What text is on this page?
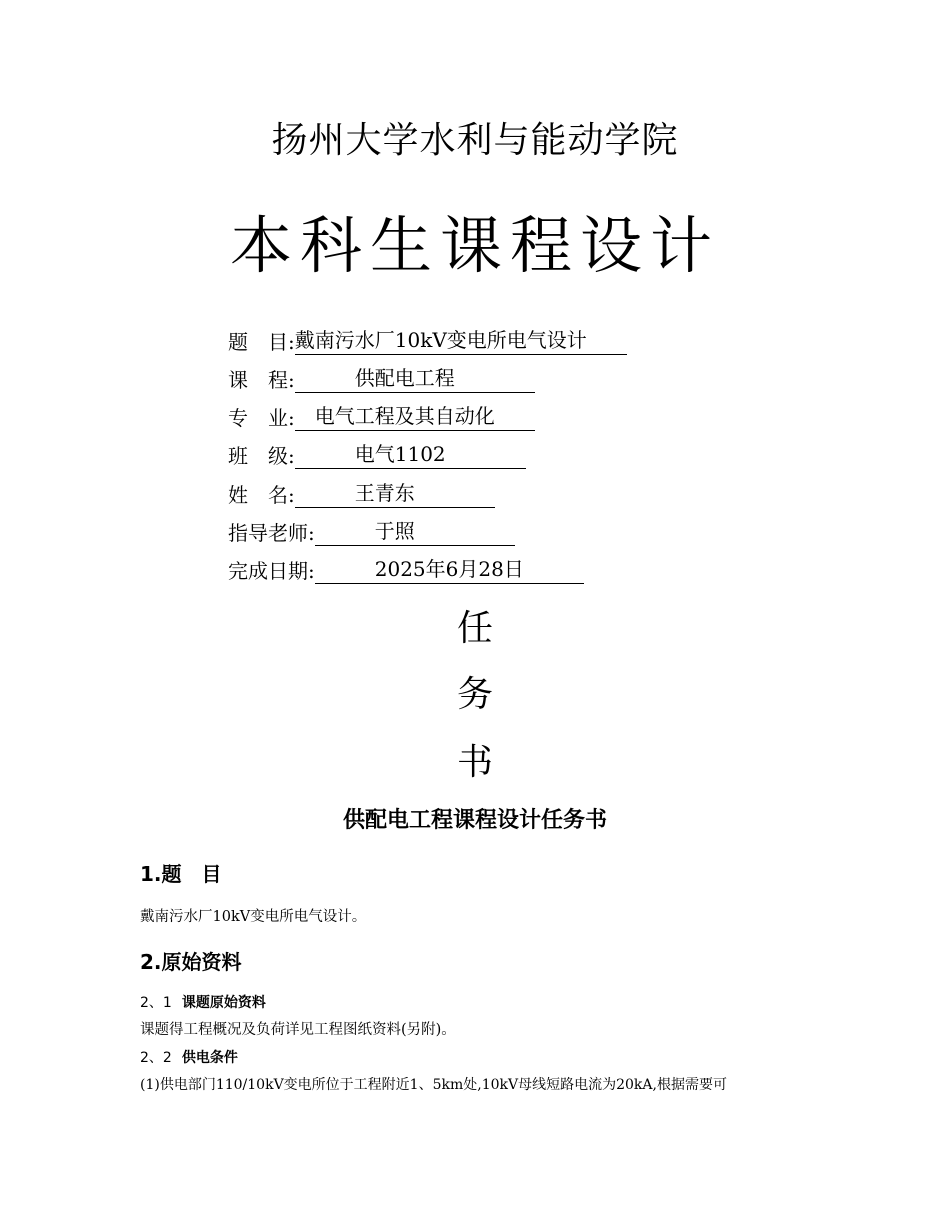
扬州大学水利与能动学院
本科生课程设计
题　目:戴南污水厂10kV变电所电气设计　　
课　程:　　　供配电工程　　　　
专　业:　电气工程及其自动化　　
班　级:　　　电气1102　　　　
姓　名:　　　王青东　　　　
指导老师:　　　于照　　　　　
完成日期:　　　2025年6月28日　　　
任
务
书
供配电工程课程设计任务书
1.题　目
戴南污水厂10kV变电所电气设计。
2.原始资料
2、1 课题原始资料
课题得工程概况及负荷详见工程图纸资料(另附)。
2、2 供电条件
(1)供电部门110/10kV变电所位于工程附近1、5km处,10kV母线短路电流为20kA,根据需要可
